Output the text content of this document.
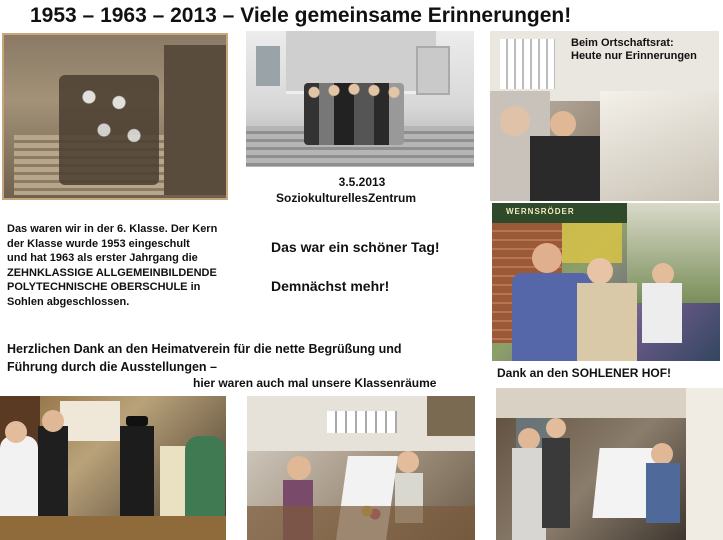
1953 – 1963 – 2013 – Viele gemeinsame Erinnerungen!
3.5.2013
SoziokulturellesZentrum
Beim Ortschaftsrat:
Heute nur Erinnerungen
Das waren wir in der 6. Klasse. Der Kern
der Klasse wurde 1953 eingeschult
und hat 1963 als erster Jahrgang die
ZEHNKLASSIGE ALLGEMEINBILDENDE
POLYTECHNISCHE OBERSCHULE in
Sohlen abgeschlossen.
Das war ein schöner Tag!
Demnächst mehr!
WERNSRÖDER
Dank an den SOHLENER HOF!
Herzlichen Dank an den Heimatverein für die nette Begrüßung und
Führung durch die Ausstellungen –
hier waren auch mal unsere Klassenräume
